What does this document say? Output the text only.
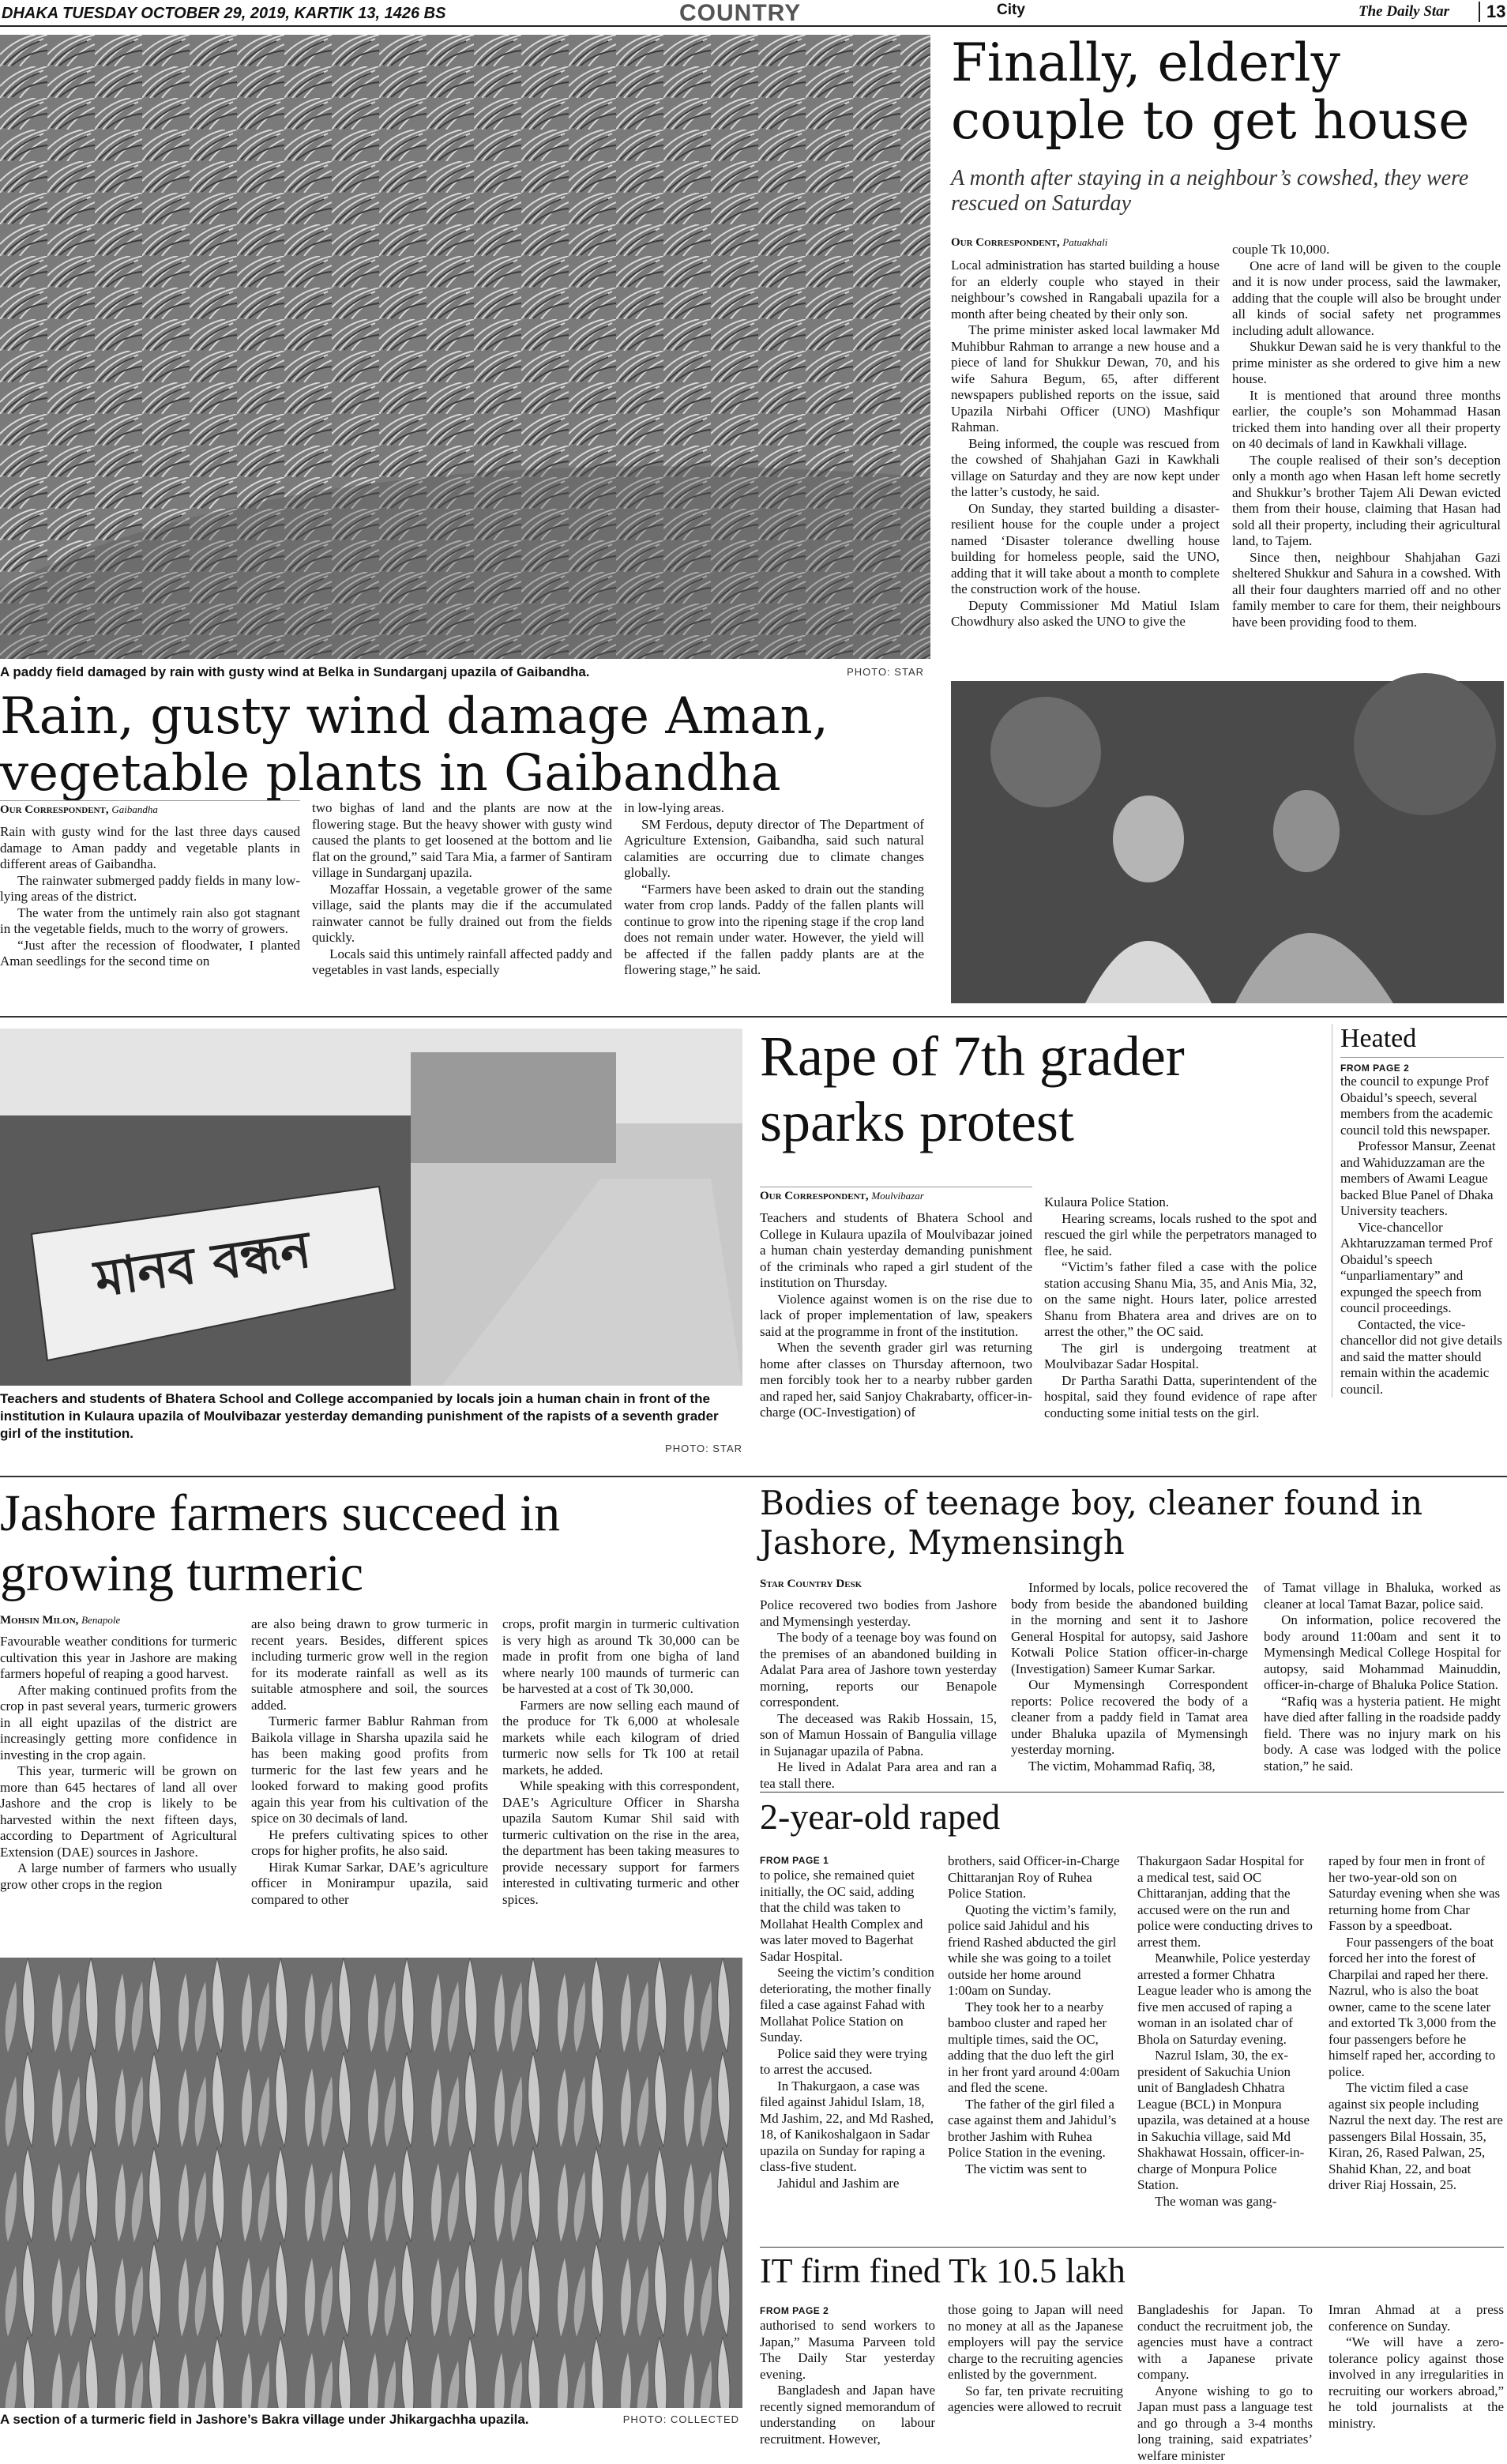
DHAKA TUESDAY OCTOBER 29, 2019, KARTIK 13, 1426 BS	COUNTRY	City	The Daily Star	13
A paddy field damaged by rain with gusty wind at Belka in Sundarganj upazila of Gaibandha.	PHOTO: STAR
Rain, gusty wind damage Aman, vegetable plants in Gaibandha
Our Correspondent, Gaibandha

Rain with gusty wind for the last three days caused damage to Aman paddy and vegetable plants in different areas of Gaibandha.

The rainwater submerged paddy fields in many low-lying areas of the district.

The water from the untimely rain also got stagnant in the vegetable fields, much to the worry of growers.

“Just after the recession of floodwater, I planted Aman seedlings for the second time on

two bighas of land and the plants are now at the flowering stage. But the heavy shower with gusty wind caused the plants to get loosened at the bottom and lie flat on the ground,” said Tara Mia, a farmer of Santiram village in Sundarganj upazila.

Mozaffar Hossain, a vegetable grower of the same village, said the plants may die if the accumulated rainwater cannot be fully drained out from the fields quickly.

Locals said this untimely rainfall affected paddy and vegetables in vast lands, especially

in low-lying areas.

SM Ferdous, deputy director of The Department of Agriculture Extension, Gaibandha, said such natural calamities are occurring due to climate changes globally.

“Farmers have been asked to drain out the standing water from crop lands. Paddy of the fallen plants will continue to grow into the ripening stage if the crop land does not remain under water. However, the yield will be affected if the fallen paddy plants are at the flowering stage,” he said.

Finally, elderly couple to get house
A month after staying in a neighbour’s cowshed, they were rescued on Saturday
Our Correspondent, Patuakhali

Local administration has started building a house for an elderly couple who stayed in their neighbour’s cowshed in Rangabali upazila for a month after being cheated by their only son.

The prime minister asked local lawmaker Md Muhibbur Rahman to arrange a new house and a piece of land for Shukkur Dewan, 70, and his wife Sahura Begum, 65, after different newspapers published reports on the issue, said Upazila Nirbahi Officer (UNO) Mashfiqur Rahman.

Being informed, the couple was rescued from the cowshed of Shahjahan Gazi in Kawkhali village on Saturday and they are now kept under the latter’s custody, he said.

On Sunday, they started building a disaster-resilient house for the couple under a project named ‘Disaster tolerance dwelling house building for homeless people, said the UNO, adding that it will take about a month to complete the construction work of the house.

Deputy Commissioner Md Matiul Islam Chowdhury also asked the UNO to give the

couple Tk 10,000.

One acre of land will be given to the couple and it is now under process, said the lawmaker, adding that the couple will also be brought under all kinds of social safety net programmes including adult allowance.

Shukkur Dewan said he is very thankful to the prime minister as she ordered to give him a new house.

It is mentioned that around three months earlier, the couple’s son Mohammad Hasan tricked them into handing over all their property on 40 decimals of land in Kawkhali village.

The couple realised of their son’s deception only a month ago when Hasan left home secretly and Shukkur’s brother Tajem Ali Dewan evicted them from their house, claiming that Hasan had sold all their property, including their agricultural land, to Tajem.

Since then, neighbour Shahjahan Gazi sheltered Shukkur and Sahura in a cowshed. With all their four daughters married off and no other family member to care for them, their neighbours have been providing food to them.

মানব বন্ধন
Teachers and students of Bhatera School and College accompanied by locals join a human chain in front of the institution in Kulaura upazila of Moulvibazar yesterday demanding punishment of the rapists of a seventh grader girl of the institution.
PHOTO: STAR
Rape of 7th grader sparks protest
Our Correspondent, Moulvibazar

Teachers and students of Bhatera School and College in Kulaura upazila of Moulvibazar joined a human chain yesterday demanding punishment of the criminals who raped a girl student of the institution on Thursday.

Violence against women is on the rise due to lack of proper implementation of law, speakers said at the programme in front of the institution.

When the seventh grader girl was returning home after classes on Thursday afternoon, two men forcibly took her to a nearby rubber garden and raped her, said Sanjoy Chakrabarty, officer-in-charge (OC-Investigation) of

Kulaura Police Station.

Hearing screams, locals rushed to the spot and rescued the girl while the perpetrators managed to flee, he said.

“Victim’s father filed a case with the police station accusing Shanu Mia, 35, and Anis Mia, 32, on the same night. Hours later, police arrested Shanu from Bhatera area and drives are on to arrest the other,” the OC said.

The girl is undergoing treatment at Moulvibazar Sadar Hospital.

Dr Partha Sarathi Datta, superintendent of the hospital, said they found evidence of rape after conducting some initial tests on the girl.

Heated
FROM PAGE 2

the council to expunge Prof Obaidul’s speech, several members from the academic council told this newspaper.

Professor Mansur, Zeenat and Wahiduzzaman are the members of Awami League backed Blue Panel of Dhaka University teachers.

Vice-chancellor Akhtaruzzaman termed Prof Obaidul’s speech “unparliamentary” and expunged the speech from council proceedings.

Contacted, the vice-chancellor did not give details and said the matter should remain within the academic council.

Jashore farmers succeed in growing turmeric
Mohsin Milon, Benapole

Favourable weather conditions for turmeric cultivation this year in Jashore are making farmers hopeful of reaping a good harvest.

After making continued profits from the crop in past several years, turmeric growers in all eight upazilas of the district are increasingly getting more confidence in investing in the crop again.

This year, turmeric will be grown on more than 645 hectares of land all over Jashore and the crop is likely to be harvested within the next fifteen days, according to Department of Agricultural Extension (DAE) sources in Jashore.

A large number of farmers who usually grow other crops in the region

are also being drawn to grow turmeric in recent years. Besides, different spices including turmeric grow well in the region for its moderate rainfall as well as its suitable atmosphere and soil, the sources added.

Turmeric farmer Bablur Rahman from Baikola village in Sharsha upazila said he has been making good profits from turmeric for the last few years and he looked forward to making good profits again this year from his cultivation of the spice on 30 decimals of land.

He prefers cultivating spices to other crops for higher profits, he also said.

Hirak Kumar Sarkar, DAE’s agriculture officer in Monirampur upazila, said compared to other

crops, profit margin in turmeric cultivation is very high as around Tk 30,000 can be made in profit from one bigha of land where nearly 100 maunds of turmeric can be harvested at a cost of Tk 30,000.

Farmers are now selling each maund of the produce for Tk 6,000 at wholesale markets while each kilogram of dried turmeric now sells for Tk 100 at retail markets, he added.

While speaking with this correspondent, DAE’s Agriculture Officer in Sharsha upazila Sautom Kumar Shil said with turmeric cultivation on the rise in the area, the department has been taking measures to provide necessary support for farmers interested in cultivating turmeric and other spices.

A section of a turmeric field in Jashore’s Bakra village under Jhikargachha upazila.	PHOTO: COLLECTED
Bodies of teenage boy, cleaner found in Jashore, Mymensingh
Star Country Desk

Police recovered two bodies from Jashore and Mymensingh yesterday.

The body of a teenage boy was found on the premises of an abandoned building in Adalat Para area of Jashore town yesterday morning, reports our Benapole correspondent.

The deceased was Rakib Hossain, 15, son of Mamun Hossain of Bangulia village in Sujanagar upazila of Pabna.

He lived in Adalat Para area and ran a tea stall there.

Informed by locals, police recovered the body from beside the abandoned building in the morning and sent it to Jashore General Hospital for autopsy, said Jashore Kotwali Police Station officer-in-charge (Investigation) Sameer Kumar Sarkar.

Our Mymensingh Correspondent reports: Police recovered the body of a cleaner from a paddy field in Tamat area under Bhaluka upazila of Mymensingh yesterday morning.

The victim, Mohammad Rafiq, 38,

of Tamat village in Bhaluka, worked as cleaner at local Tamat Bazar, police said.

On information, police recovered the body around 11:00am and sent it to Mymensingh Medical College Hospital for autopsy, said Mohammad Mainuddin, officer-in-charge of Bhaluka Police Station.

“Rafiq was a hysteria patient. He might have died after falling in the roadside paddy field. There was no injury mark on his body. A case was lodged with the police station,” he said.

2-year-old raped
FROM PAGE 1

to police, she remained quiet initially, the OC said, adding that the child was taken to Mollahat Health Complex and was later moved to Bagerhat Sadar Hospital.

Seeing the victim’s condition deteriorating, the mother finally filed a case against Fahad with Mollahat Police Station on Sunday.

Police said they were trying to arrest the accused.

In Thakurgaon, a case was filed against Jahidul Islam, 18, Md Jashim, 22, and Md Rashed, 18, of Kanikoshalgaon in Sadar upazila on Sunday for raping a class-five student.

Jahidul and Jashim are

brothers, said Officer-in-Charge Chittaranjan Roy of Ruhea Police Station.

Quoting the victim’s family, police said Jahidul and his friend Rashed abducted the girl while she was going to a toilet outside her home around 1:00am on Sunday.

They took her to a nearby bamboo cluster and raped her multiple times, said the OC, adding that the duo left the girl in her front yard around 4:00am and fled the scene.

The father of the girl filed a case against them and Jahidul’s brother Jashim with Ruhea Police Station in the evening.

The victim was sent to

Thakurgaon Sadar Hospital for a medical test, said OC Chittaranjan, adding that the accused were on the run and police were conducting drives to arrest them.

Meanwhile, Police yesterday arrested a former Chhatra League leader who is among the five men accused of raping a woman in an isolated char of Bhola on Saturday evening.

Nazrul Islam, 30, the ex-president of Sakuchia Union unit of Bangladesh Chhatra League (BCL) in Monpura upazila, was detained at a house in Sakuchia village, said Md Shakhawat Hossain, officer-in-charge of Monpura Police Station.

The woman was gang-

raped by four men in front of her two-year-old son on Saturday evening when she was returning home from Char Fasson by a speedboat.

Four passengers of the boat forced her into the forest of Charpilai and raped her there. Nazrul, who is also the boat owner, came to the scene later and extorted Tk 3,000 from the four passengers before he himself raped her, according to police.

The victim filed a case against six people including Nazrul the next day. The rest are passengers Bilal Hossain, 35, Kiran, 26, Rased Palwan, 25, Shahid Khan, 22, and boat driver Riaj Hossain, 25.

IT firm fined Tk 10.5 lakh
FROM PAGE 2

authorised to send workers to Japan,” Masuma Parveen told The Daily Star yesterday evening.

Bangladesh and Japan have recently signed memorandum of understanding on labour recruitment. However,

those going to Japan will need no money at all as the Japanese employers will pay the service charge to the recruiting agencies enlisted by the government.

So far, ten private recruiting agencies were allowed to recruit

Bangladeshis for Japan. To conduct the recruitment job, the agencies must have a contract with a Japanese private company.

Anyone wishing to go to Japan must pass a language test and go through a 3-4 months long training, said expatriates’ welfare minister

Imran Ahmad at a press conference on Sunday.

“We will have a zero-tolerance policy against those involved in any irregularities in recruiting our workers abroad,” he told journalists at the ministry.
